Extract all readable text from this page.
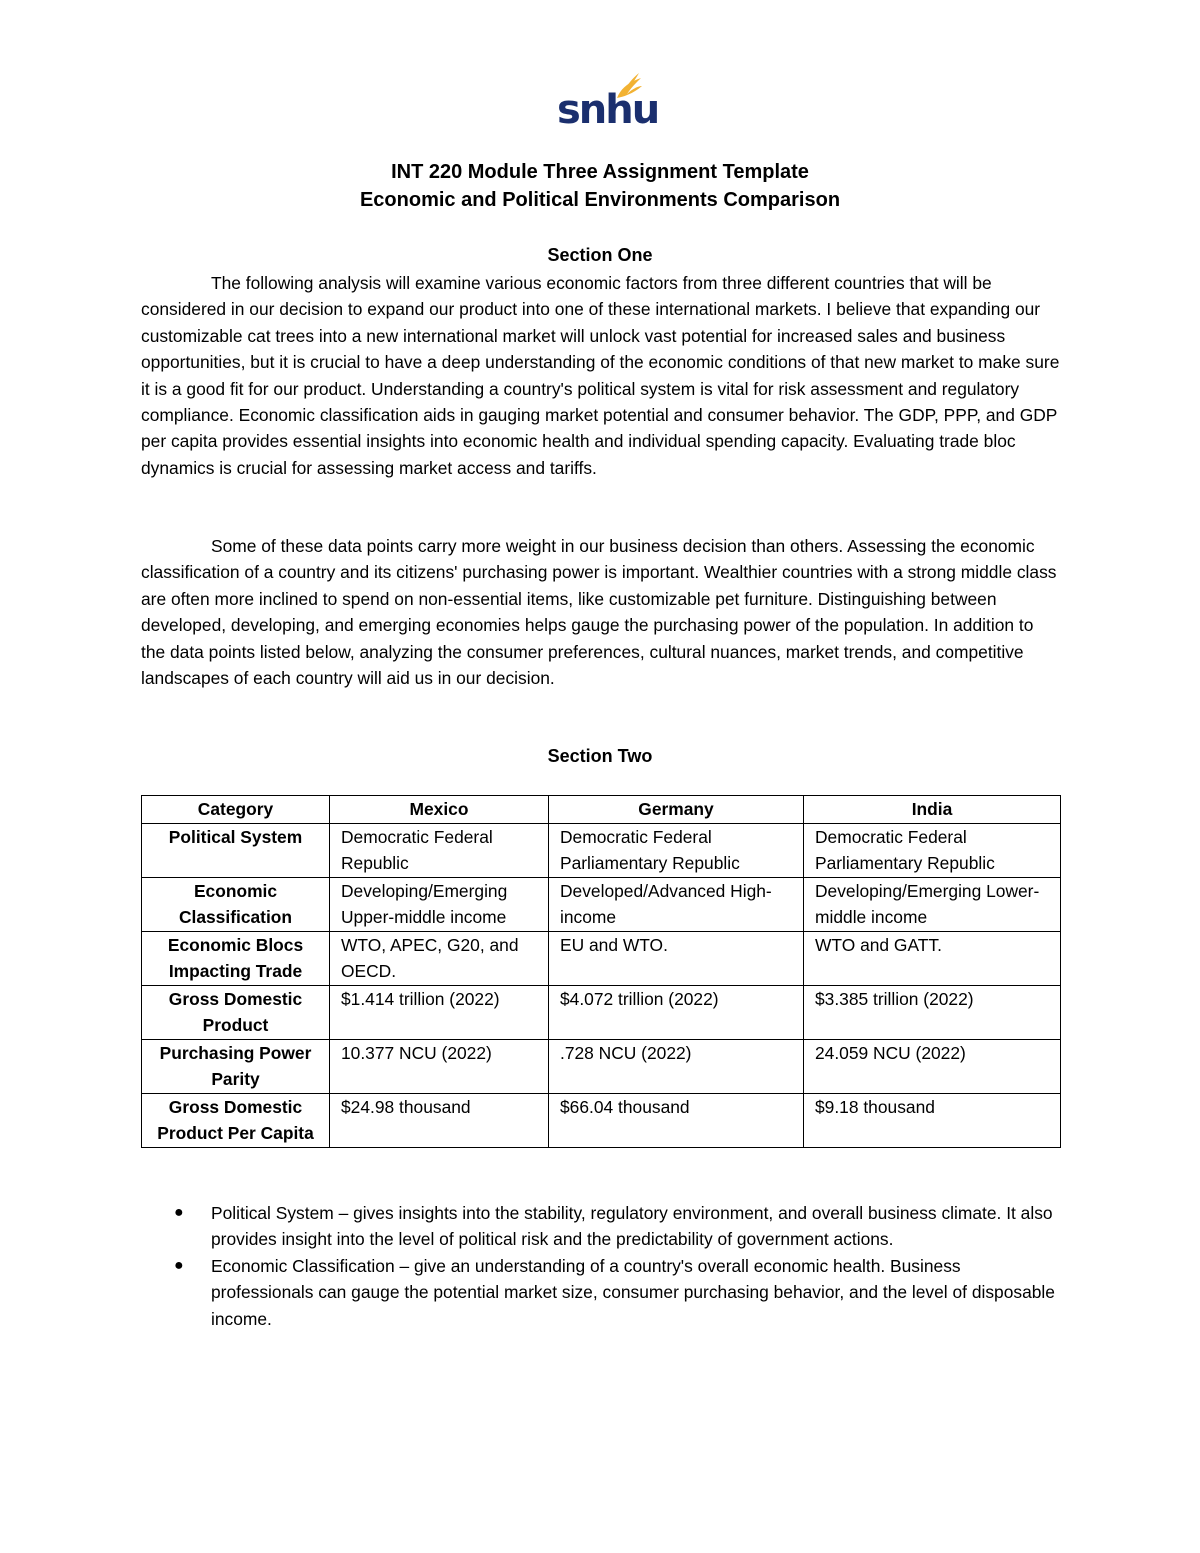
snhu
INT 220 Module Three Assignment Template
Economic and Political Environments Comparison
Section One

The following analysis will examine various economic factors from three different countries that will be considered in our decision to expand our product into one of these international markets. I believe that expanding our customizable cat trees into a new international market will unlock vast potential for increased sales and business opportunities, but it is crucial to have a deep understanding of the economic conditions of that new market to make sure it is a good fit for our product. Understanding a country's political system is vital for risk assessment and regulatory compliance. Economic classification aids in gauging market potential and consumer behavior. The GDP, PPP, and GDP per capita provides essential insights into economic health and individual spending capacity. Evaluating trade bloc dynamics is crucial for assessing market access and tariffs.

Some of these data points carry more weight in our business decision than others. Assessing the economic classification of a country and its citizens' purchasing power is important. Wealthier countries with a strong middle class are often more inclined to spend on non-essential items, like customizable pet furniture. Distinguishing between developed, developing, and emerging economies helps gauge the purchasing power of the population. In addition to the data points listed below, analyzing the consumer preferences, cultural nuances, market trends, and competitive landscapes of each country will aid us in our decision.

Section Two
Category	Mexico	Germany	India
Political System	Democratic Federal Republic	Democratic Federal Parliamentary Republic	Democratic Federal Parliamentary Republic
Economic Classification	Developing/Emerging Upper-middle income	Developed/Advanced High-income	Developing/Emerging Lower-middle income
Economic Blocs Impacting Trade	WTO, APEC, G20, and OECD.	EU and WTO.	WTO and GATT.
Gross Domestic Product	$1.414 trillion (2022)	$4.072 trillion (2022)	$3.385 trillion (2022)
Purchasing Power Parity	10.377 NCU (2022)	.728 NCU (2022)	24.059 NCU (2022)
Gross Domestic Product Per Capita	$24.98 thousand	$66.04 thousand	$9.18 thousand
● Political System – gives insights into the stability, regulatory environment, and overall business climate. It also provides insight into the level of political risk and the predictability of government actions.
● Economic Classification – give an understanding of a country's overall economic health. Business professionals can gauge the potential market size, consumer purchasing behavior, and the level of disposable income.
